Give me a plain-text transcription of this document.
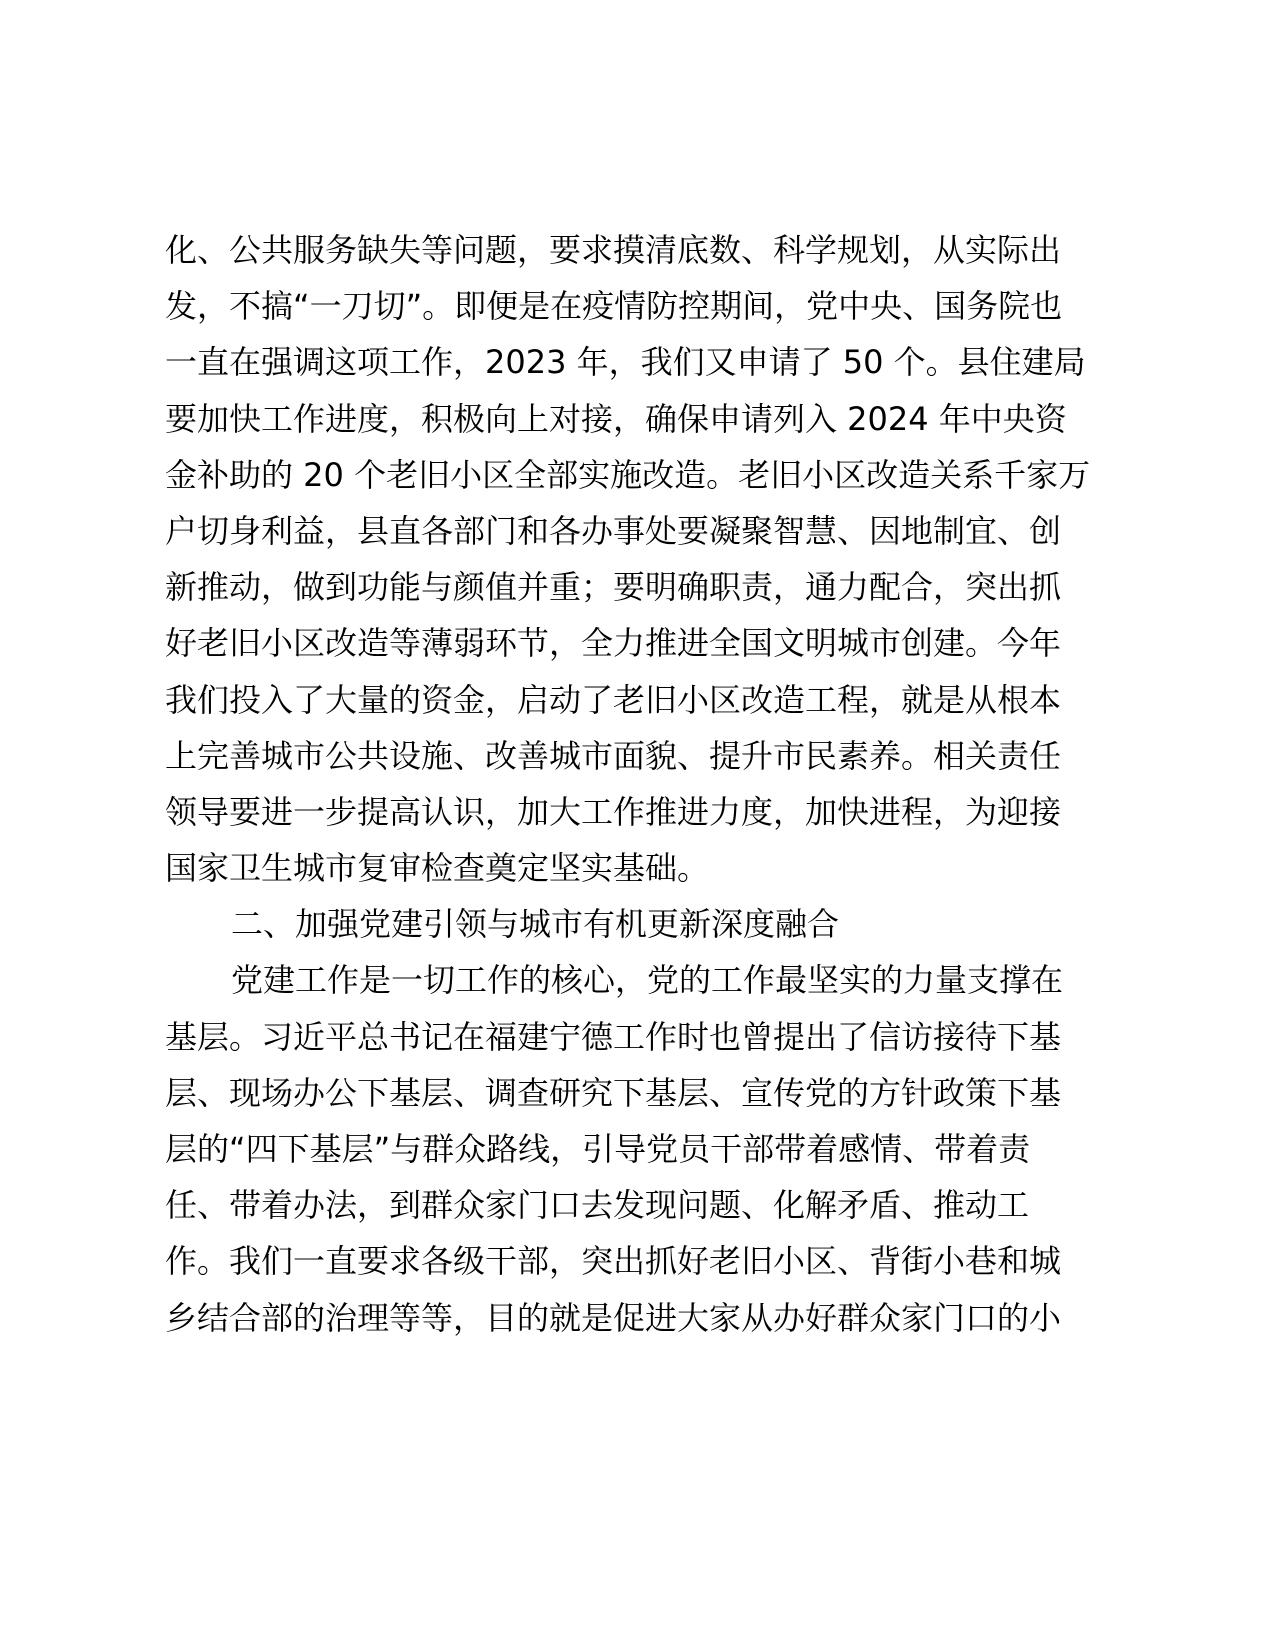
化、公共服务缺失等问题，要求摸清底数、科学规划，从实际出
发，不搞“一刀切”。即便是在疫情防控期间，党中央、国务院也
一直在强调这项工作，2023 年，我们又申请了 50 个。县住建局
要加快工作进度，积极向上对接，确保申请列入 2024 年中央资
金补助的 20 个老旧小区全部实施改造。老旧小区改造关系千家万
户切身利益，县直各部门和各办事处要凝聚智慧、因地制宜、创
新推动，做到功能与颜值并重；要明确职责，通力配合，突出抓
好老旧小区改造等薄弱环节，全力推进全国文明城市创建。今年
我们投入了大量的资金，启动了老旧小区改造工程，就是从根本
上完善城市公共设施、改善城市面貌、提升市民素养。相关责任
领导要进一步提高认识，加大工作推进力度，加快进程，为迎接
国家卫生城市复审检查奠定坚实基础。
二、加强党建引领与城市有机更新深度融合
党建工作是一切工作的核心，党的工作最坚实的力量支撑在
基层。习近平总书记在福建宁德工作时也曾提出了信访接待下基
层、现场办公下基层、调查研究下基层、宣传党的方针政策下基
层的“四下基层”与群众路线，引导党员干部带着感情、带着责
任、带着办法，到群众家门口去发现问题、化解矛盾、推动工
作。我们一直要求各级干部，突出抓好老旧小区、背街小巷和城
乡结合部的治理等等，目的就是促进大家从办好群众家门口的小
